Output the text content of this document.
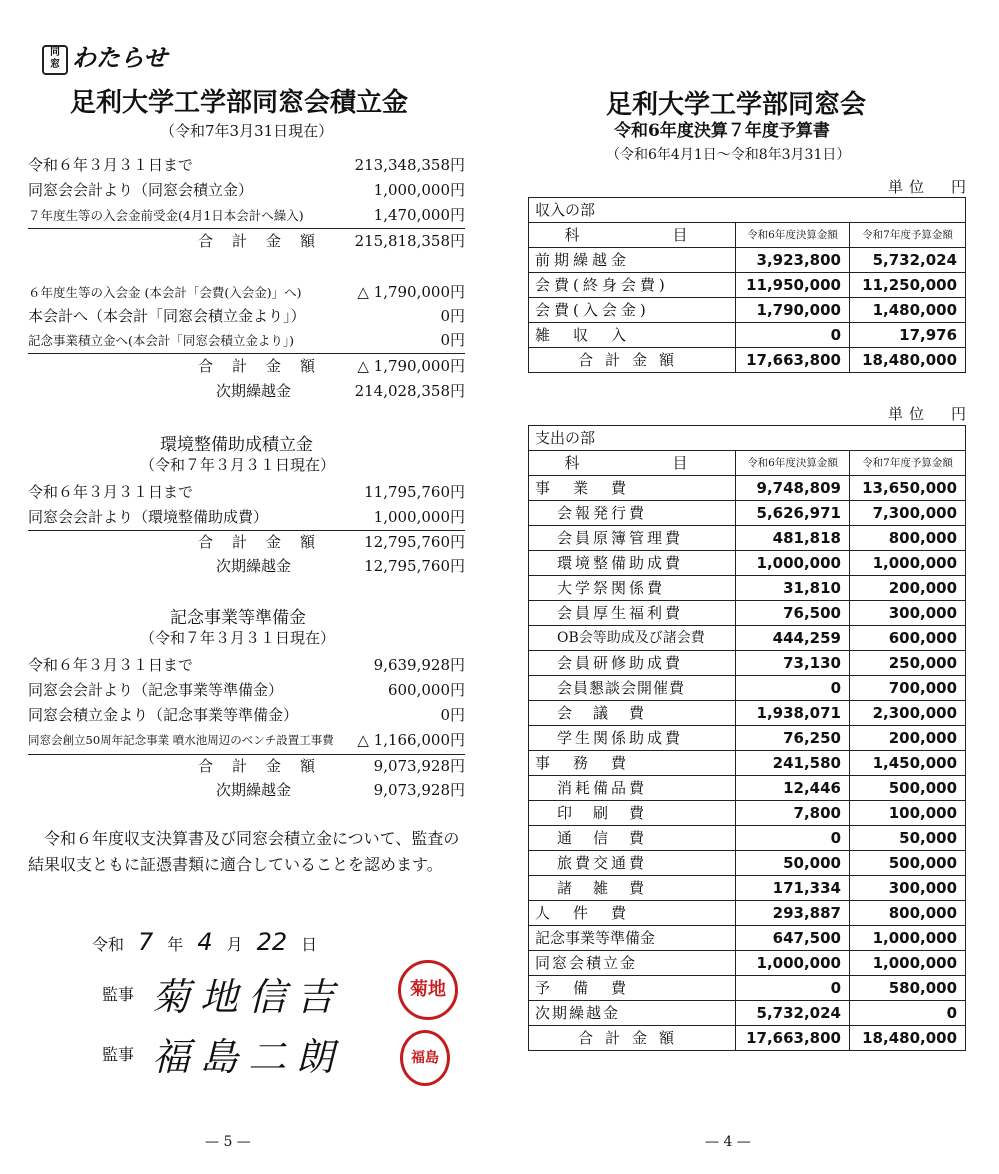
同
窓 わたらせ
足利大学工学部同窓会積立金
（令和7年3月31日現在）
令和６年３月３１日まで	213,348,358円
同窓会会計より（同窓会積立金）	1,000,000円
７年度生等の入会金前受金(4月1日本会計へ繰入)	1,470,000円
合　計　金　額	215,818,358円
６年度生等の入会金 (本会計「会費(入会金)」へ)	△ 1,790,000円
本会計へ（本会計「同窓会積立金より」）	0円
記念事業積立金へ(本会計「同窓会積立金より」)	0円
合　計　金　額	△ 1,790,000円
次期繰越金	214,028,358円
環境整備助成積立金
（令和７年３月３１日現在）
令和６年３月３１日まで	11,795,760円
同窓会会計より（環境整備助成費）	1,000,000円
合　計　金　額	12,795,760円
次期繰越金	12,795,760円
記念事業等準備金
（令和７年３月３１日現在）
令和６年３月３１日まで	9,639,928円
同窓会会計より（記念事業等準備金）	600,000円
同窓会積立金より（記念事業等準備金）	0円
同窓会創立50周年記念事業 噴水池周辺のベンチ設置工事費 △ 1,166,000円
合　計　金　額	9,073,928円
次期繰越金	9,073,928円
令和６年度収支決算書及び同窓会積立金について、監査の結果収支ともに証憑書類に適合していることを認めます。
令和 7 年 4 月 22 日
監事 菊地信吉	菊地
監事 福島二朗	福島
— 5 —
足利大学工学部同窓会
令和6年度決算７年度予算書
（令和6年4月1日～令和8年3月31日）
単位　円
収入の部		
科　　　目	令和6年度決算金額	令和7年度予算金額
前期繰越金	3,923,800	5,732,024
会費(終身会費)	11,950,000	11,250,000
会費(入会金)	1,790,000	1,480,000
雑　収　入	0	17,976
合計金額	17,663,800	18,480,000
単位　円
支出の部		
科　　　目	令和6年度決算金額	令和7年度予算金額
事　業　費	9,748,809	13,650,000
会報発行費	5,626,971	7,300,000
会員原簿管理費	481,818	800,000
環境整備助成費	1,000,000	1,000,000
大学祭関係費	31,810	200,000
会員厚生福利費	76,500	300,000
OB会等助成及び諸会費	444,259	600,000
会員研修助成費	73,130	250,000
会員懇談会開催費	0	700,000
会　議　費	1,938,071	2,300,000
学生関係助成費	76,250	200,000
事　務　費	241,580	1,450,000
消耗備品費	12,446	500,000
印　刷　費	7,800	100,000
通　信　費	0	50,000
旅費交通費	50,000	500,000
諸　雑　費	171,334	300,000
人　件　費	293,887	800,000
記念事業等準備金	647,500	1,000,000
同窓会積立金	1,000,000	1,000,000
予　備　費	0	580,000
次期繰越金	5,732,024	0
合計金額	17,663,800	18,480,000
— 4 —
